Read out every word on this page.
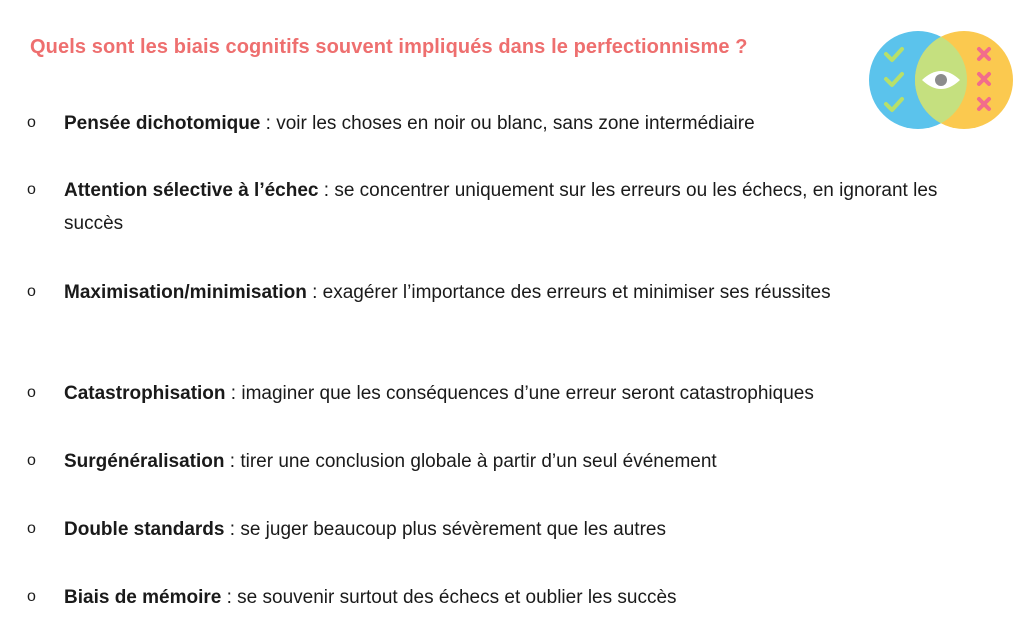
Quels sont les biais cognitifs souvent impliqués dans le perfectionnisme ?
o Pensée dichotomique : voir les choses en noir ou blanc, sans zone intermédiaire
o Attention sélective à l’échec : se concentrer uniquement sur les erreurs ou les échecs, en ignorant les succès
o Maximisation/minimisation : exagérer l’importance des erreurs et minimiser ses réussites
o Catastrophisation : imaginer que les conséquences d’une erreur seront catastrophiques
o Surgénéralisation : tirer une conclusion globale à partir d’un seul événement
o Double standards : se juger beaucoup plus sévèrement que les autres
o Biais de mémoire : se souvenir surtout des échecs et oublier les succès
